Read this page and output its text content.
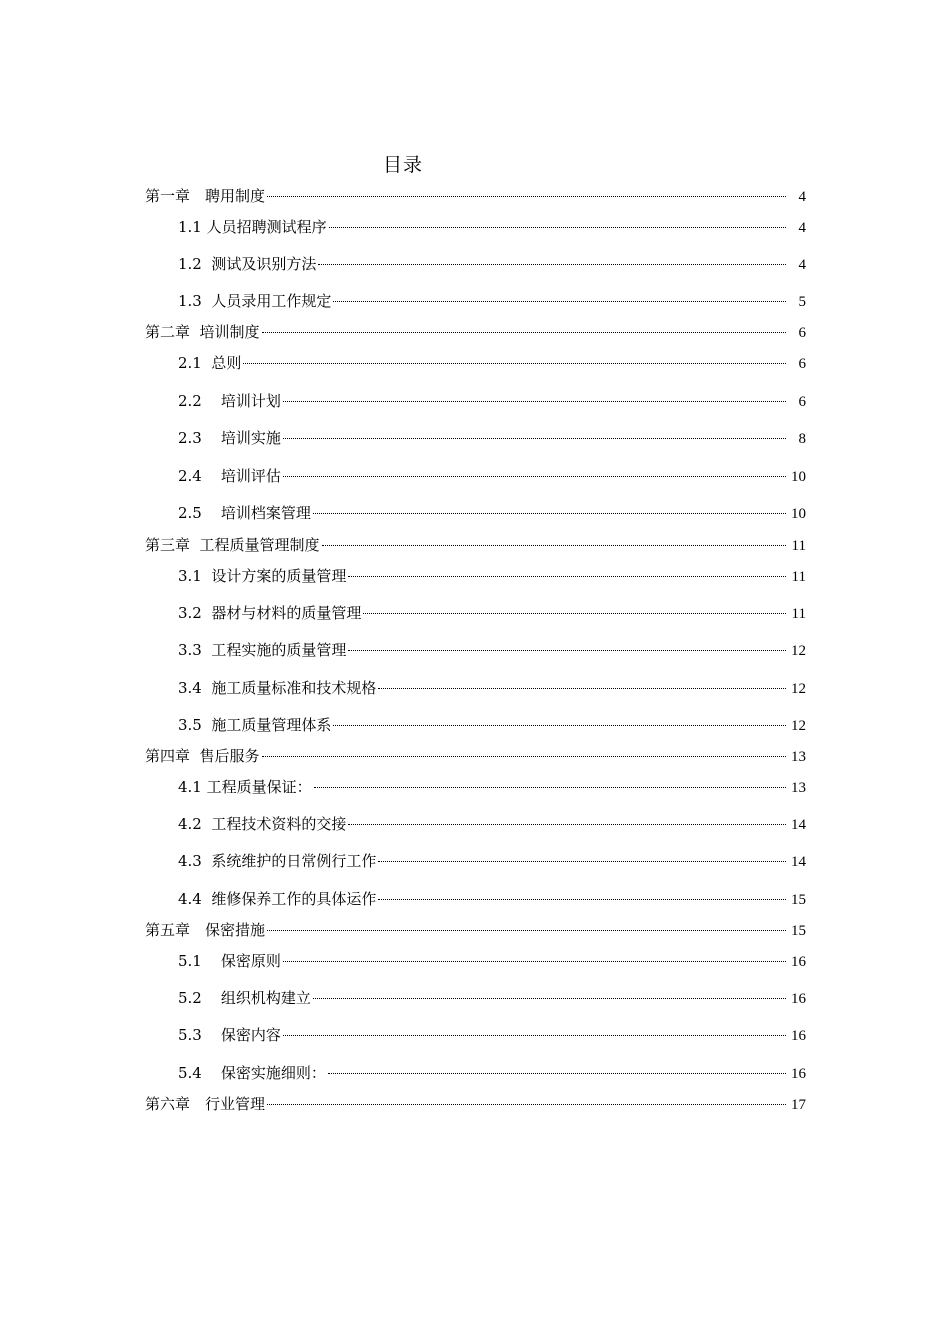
目录
第一章　聘用制度	4
1.1 人员招聘测试程序	4
1.2  测试及识别方法	4
1.3  人员录用工作规定	5
第二章  培训制度	6
2.1  总则	6
2.2    培训计划	6
2.3    培训实施	8
2.4    培训评估	10
2.5    培训档案管理	10
第三章  工程质量管理制度	11
3.1  设计方案的质量管理	11
3.2  器材与材料的质量管理	11
3.3  工程实施的质量管理	12
3.4  施工质量标准和技术规格	12
3.5  施工质量管理体系	12
第四章  售后服务	13
4.1 工程质量保证：	13
4.2  工程技术资料的交接	14
4.3  系统维护的日常例行工作	14
4.4  维修保养工作的具体运作	15
第五章　保密措施	15
5.1    保密原则	16
5.2    组织机构建立	16
5.3    保密内容	16
5.4    保密实施细则：	16
第六章　行业管理	17
